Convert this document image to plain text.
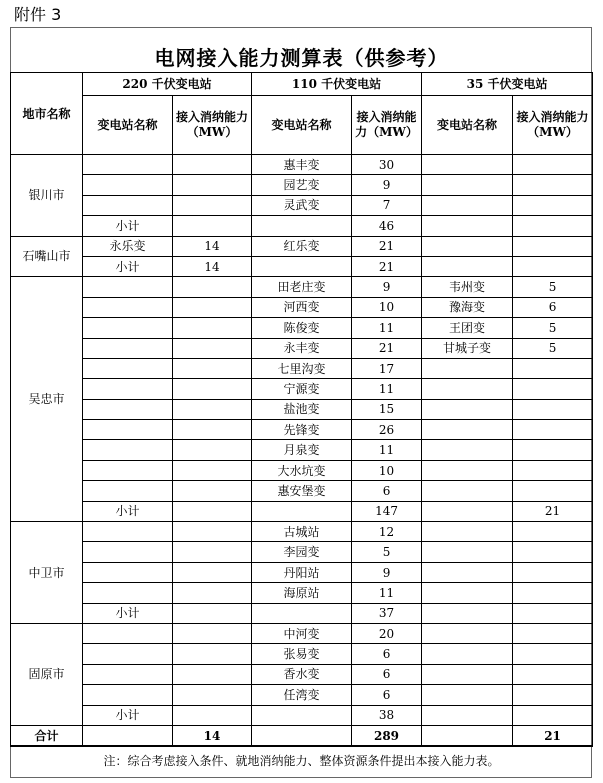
附件 3
电网接入能力测算表（供参考）
地市名称	220 千伏变电站		110 千伏变电站		35 千伏变电站	
	变电站名称	接入消纳能力（MW）	变电站名称	接入消纳能力（MW）	变电站名称	接入消纳能力（MW）
银川市			惠丰变	30		
			园艺变	9		
			灵武变	7		
	小计			46		
石嘴山市	永乐变	14	红乐变	21		
	小计	14		21		
吴忠市			田老庄变	9	韦州变	5
			河西变	10	豫海变	6
			陈俊变	11	王团变	5
			永丰变	21	甘城子变	5
			七里沟变	17		
			宁源变	11		
			盐池变	15		
			先锋变	26		
			月泉变	11		
			大水坑变	10		
			惠安堡变	6		
	小计			147		21
中卫市			古城站	12		
			李园变	5		
			丹阳站	9		
			海原站	11		
	小计			37		
固原市			中河变	20		
			张易变	6		
			香水变	6		
			任湾变	6		
	小计			38		
合计		14		289		21
注：综合考虑接入条件、就地消纳能力、整体资源条件提出本接入能力表。
